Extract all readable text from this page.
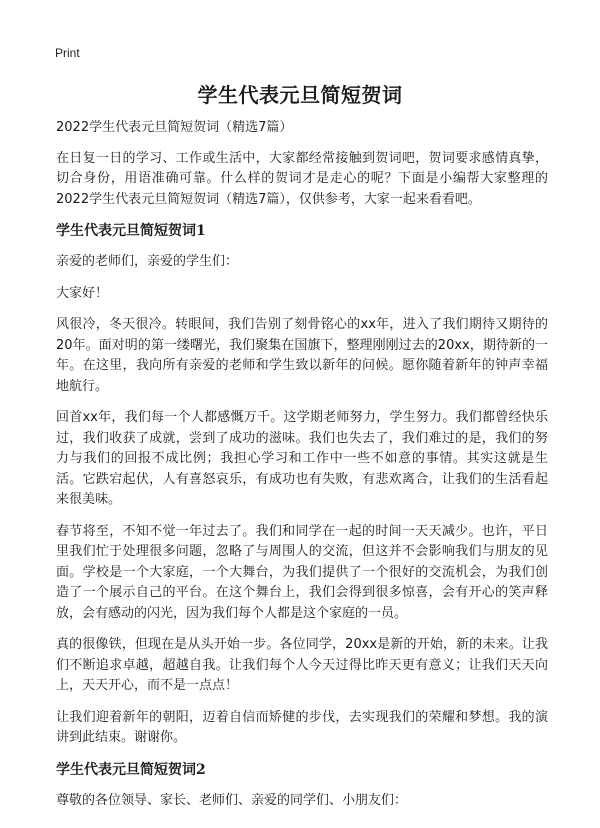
Print
学生代表元旦简短贺词

2022学生代表元旦简短贺词（精选7篇）

在日复一日的学习、工作或生活中，大家都经常接触到贺词吧，贺词要求感情真挚，切合身份，用语准确可靠。什么样的贺词才是走心的呢？下面是小编帮大家整理的2022学生代表元旦简短贺词（精选7篇），仅供参考，大家一起来看看吧。

学生代表元旦简短贺词1

亲爱的老师们，亲爱的学生们：

大家好！

风很冷，冬天很冷。转眼间，我们告别了刻骨铭心的xx年，进入了我们期待又期待的20年。面对明的第一缕曙光，我们聚集在国旗下，整理刚刚过去的20xx，期待新的一年。在这里，我向所有亲爱的老师和学生致以新年的问候。愿你随着新年的钟声幸福地航行。

回首xx年，我们每一个人都感慨万千。这学期老师努力，学生努力。我们都曾经快乐过，我们收获了成就，尝到了成功的滋味。我们也失去了，我们难过的是，我们的努力与我们的回报不成比例；我担心学习和工作中一些不如意的事情。其实这就是生活。它跌宕起伏，人有喜怒哀乐，有成功也有失败，有悲欢离合，让我们的生活看起来很美味。

春节将至，不知不觉一年过去了。我们和同学在一起的时间一天天减少。也许，平日里我们忙于处理很多问题，忽略了与周围人的交流，但这并不会影响我们与朋友的见面。学校是一个大家庭，一个大舞台，为我们提供了一个很好的交流机会，为我们创造了一个展示自己的平台。在这个舞台上，我们会得到很多惊喜，会有开心的笑声释放，会有感动的闪光，因为我们每个人都是这个家庭的一员。

真的很像铁，但现在是从头开始一步。各位同学，20xx是新的开始，新的未来。让我们不断追求卓越，超越自我。让我们每个人今天过得比昨天更有意义；让我们天天向上，天天开心，而不是一点点！

让我们迎着新年的朝阳，迈着自信而矫健的步伐，去实现我们的荣耀和梦想。我的演讲到此结束。谢谢你。

学生代表元旦简短贺词2

尊敬的各位领导、家长、老师们、亲爱的同学们、小朋友们：
